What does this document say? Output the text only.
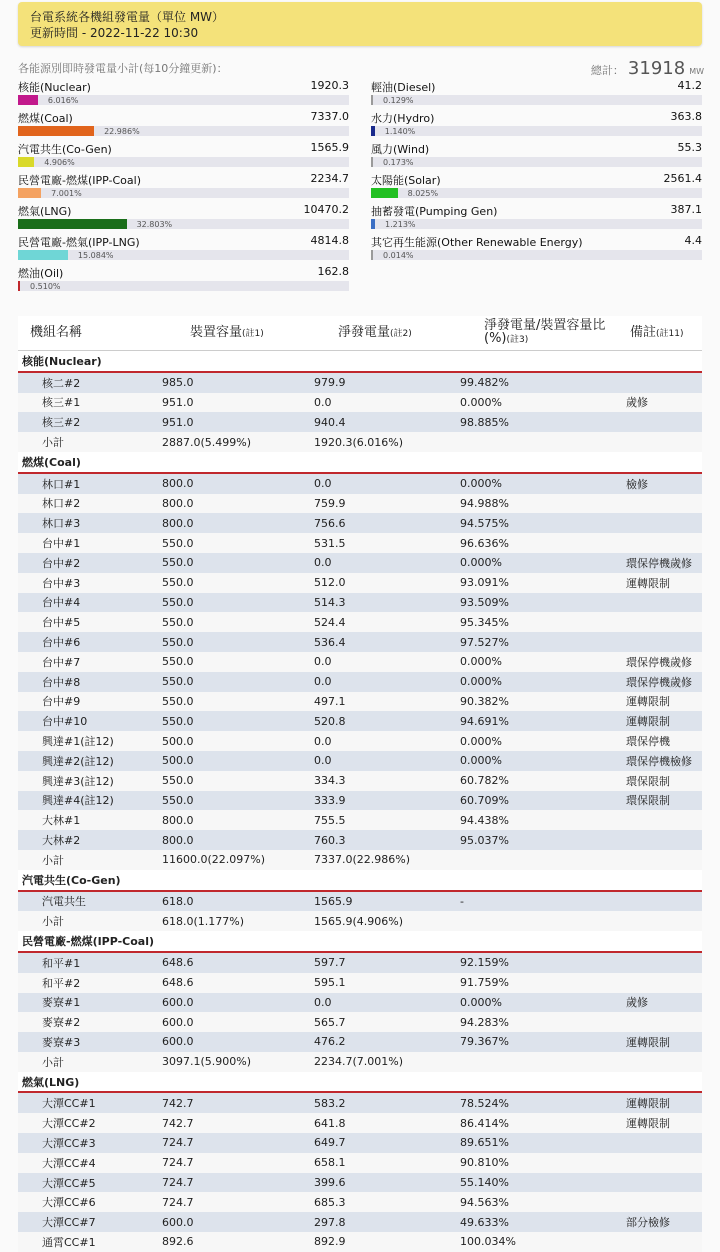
台電系統各機組發電量（單位 MW）
更新時間 - 2022-11-22 10:30
各能源別即時發電量小計(每10分鐘更新)：	總計： 31918 MW
核能(Nuclear)	1920.3
6.016%
燃煤(Coal)	7337.0
22.986%
汽電共生(Co-Gen)	1565.9
4.906%
民營電廠-燃煤(IPP-Coal)	2234.7
7.001%
燃氣(LNG)	10470.2
32.803%
民營電廠-燃氣(IPP-LNG)	4814.8
15.084%
燃油(Oil)	162.8
0.510%
輕油(Diesel)	41.2
0.129%
水力(Hydro)	363.8
1.140%
風力(Wind)	55.3
0.173%
太陽能(Solar)	2561.4
8.025%
抽蓄發電(Pumping Gen)	387.1
1.213%
其它再生能源(Other Renewable Energy)	4.4
0.014%
機組名稱	裝置容量(註1)	淨發電量(註2)	淨發電量/裝置容量比(%)(註3)	備註(註11)
核能(Nuclear)				
核二#2	985.0	979.9	99.482%	
核三#1	951.0	0.0	0.000%	歲修
核三#2	951.0	940.4	98.885%	
小計	2887.0(5.499%)	1920.3(6.016%)		
燃煤(Coal)				
林口#1	800.0	0.0	0.000%	檢修
林口#2	800.0	759.9	94.988%	
林口#3	800.0	756.6	94.575%	
台中#1	550.0	531.5	96.636%	
台中#2	550.0	0.0	0.000%	環保停機歲修
台中#3	550.0	512.0	93.091%	運轉限制
台中#4	550.0	514.3	93.509%	
台中#5	550.0	524.4	95.345%	
台中#6	550.0	536.4	97.527%	
台中#7	550.0	0.0	0.000%	環保停機歲修
台中#8	550.0	0.0	0.000%	環保停機歲修
台中#9	550.0	497.1	90.382%	運轉限制
台中#10	550.0	520.8	94.691%	運轉限制
興達#1(註12)	500.0	0.0	0.000%	環保停機
興達#2(註12)	500.0	0.0	0.000%	環保停機檢修
興達#3(註12)	550.0	334.3	60.782%	環保限制
興達#4(註12)	550.0	333.9	60.709%	環保限制
大林#1	800.0	755.5	94.438%	
大林#2	800.0	760.3	95.037%	
小計	11600.0(22.097%)	7337.0(22.986%)		
汽電共生(Co-Gen)				
汽電共生	618.0	1565.9	-	
小計	618.0(1.177%)	1565.9(4.906%)		
民營電廠-燃煤(IPP-Coal)				
和平#1	648.6	597.7	92.159%	
和平#2	648.6	595.1	91.759%	
麥寮#1	600.0	0.0	0.000%	歲修
麥寮#2	600.0	565.7	94.283%	
麥寮#3	600.0	476.2	79.367%	運轉限制
小計	3097.1(5.900%)	2234.7(7.001%)		
燃氣(LNG)				
大潭CC#1	742.7	583.2	78.524%	運轉限制
大潭CC#2	742.7	641.8	86.414%	運轉限制
大潭CC#3	724.7	649.7	89.651%	
大潭CC#4	724.7	658.1	90.810%	
大潭CC#5	724.7	399.6	55.140%	
大潭CC#6	724.7	685.3	94.563%	
大潭CC#7	600.0	297.8	49.633%	部分檢修
通霄CC#1	892.6	892.9	100.034%	
